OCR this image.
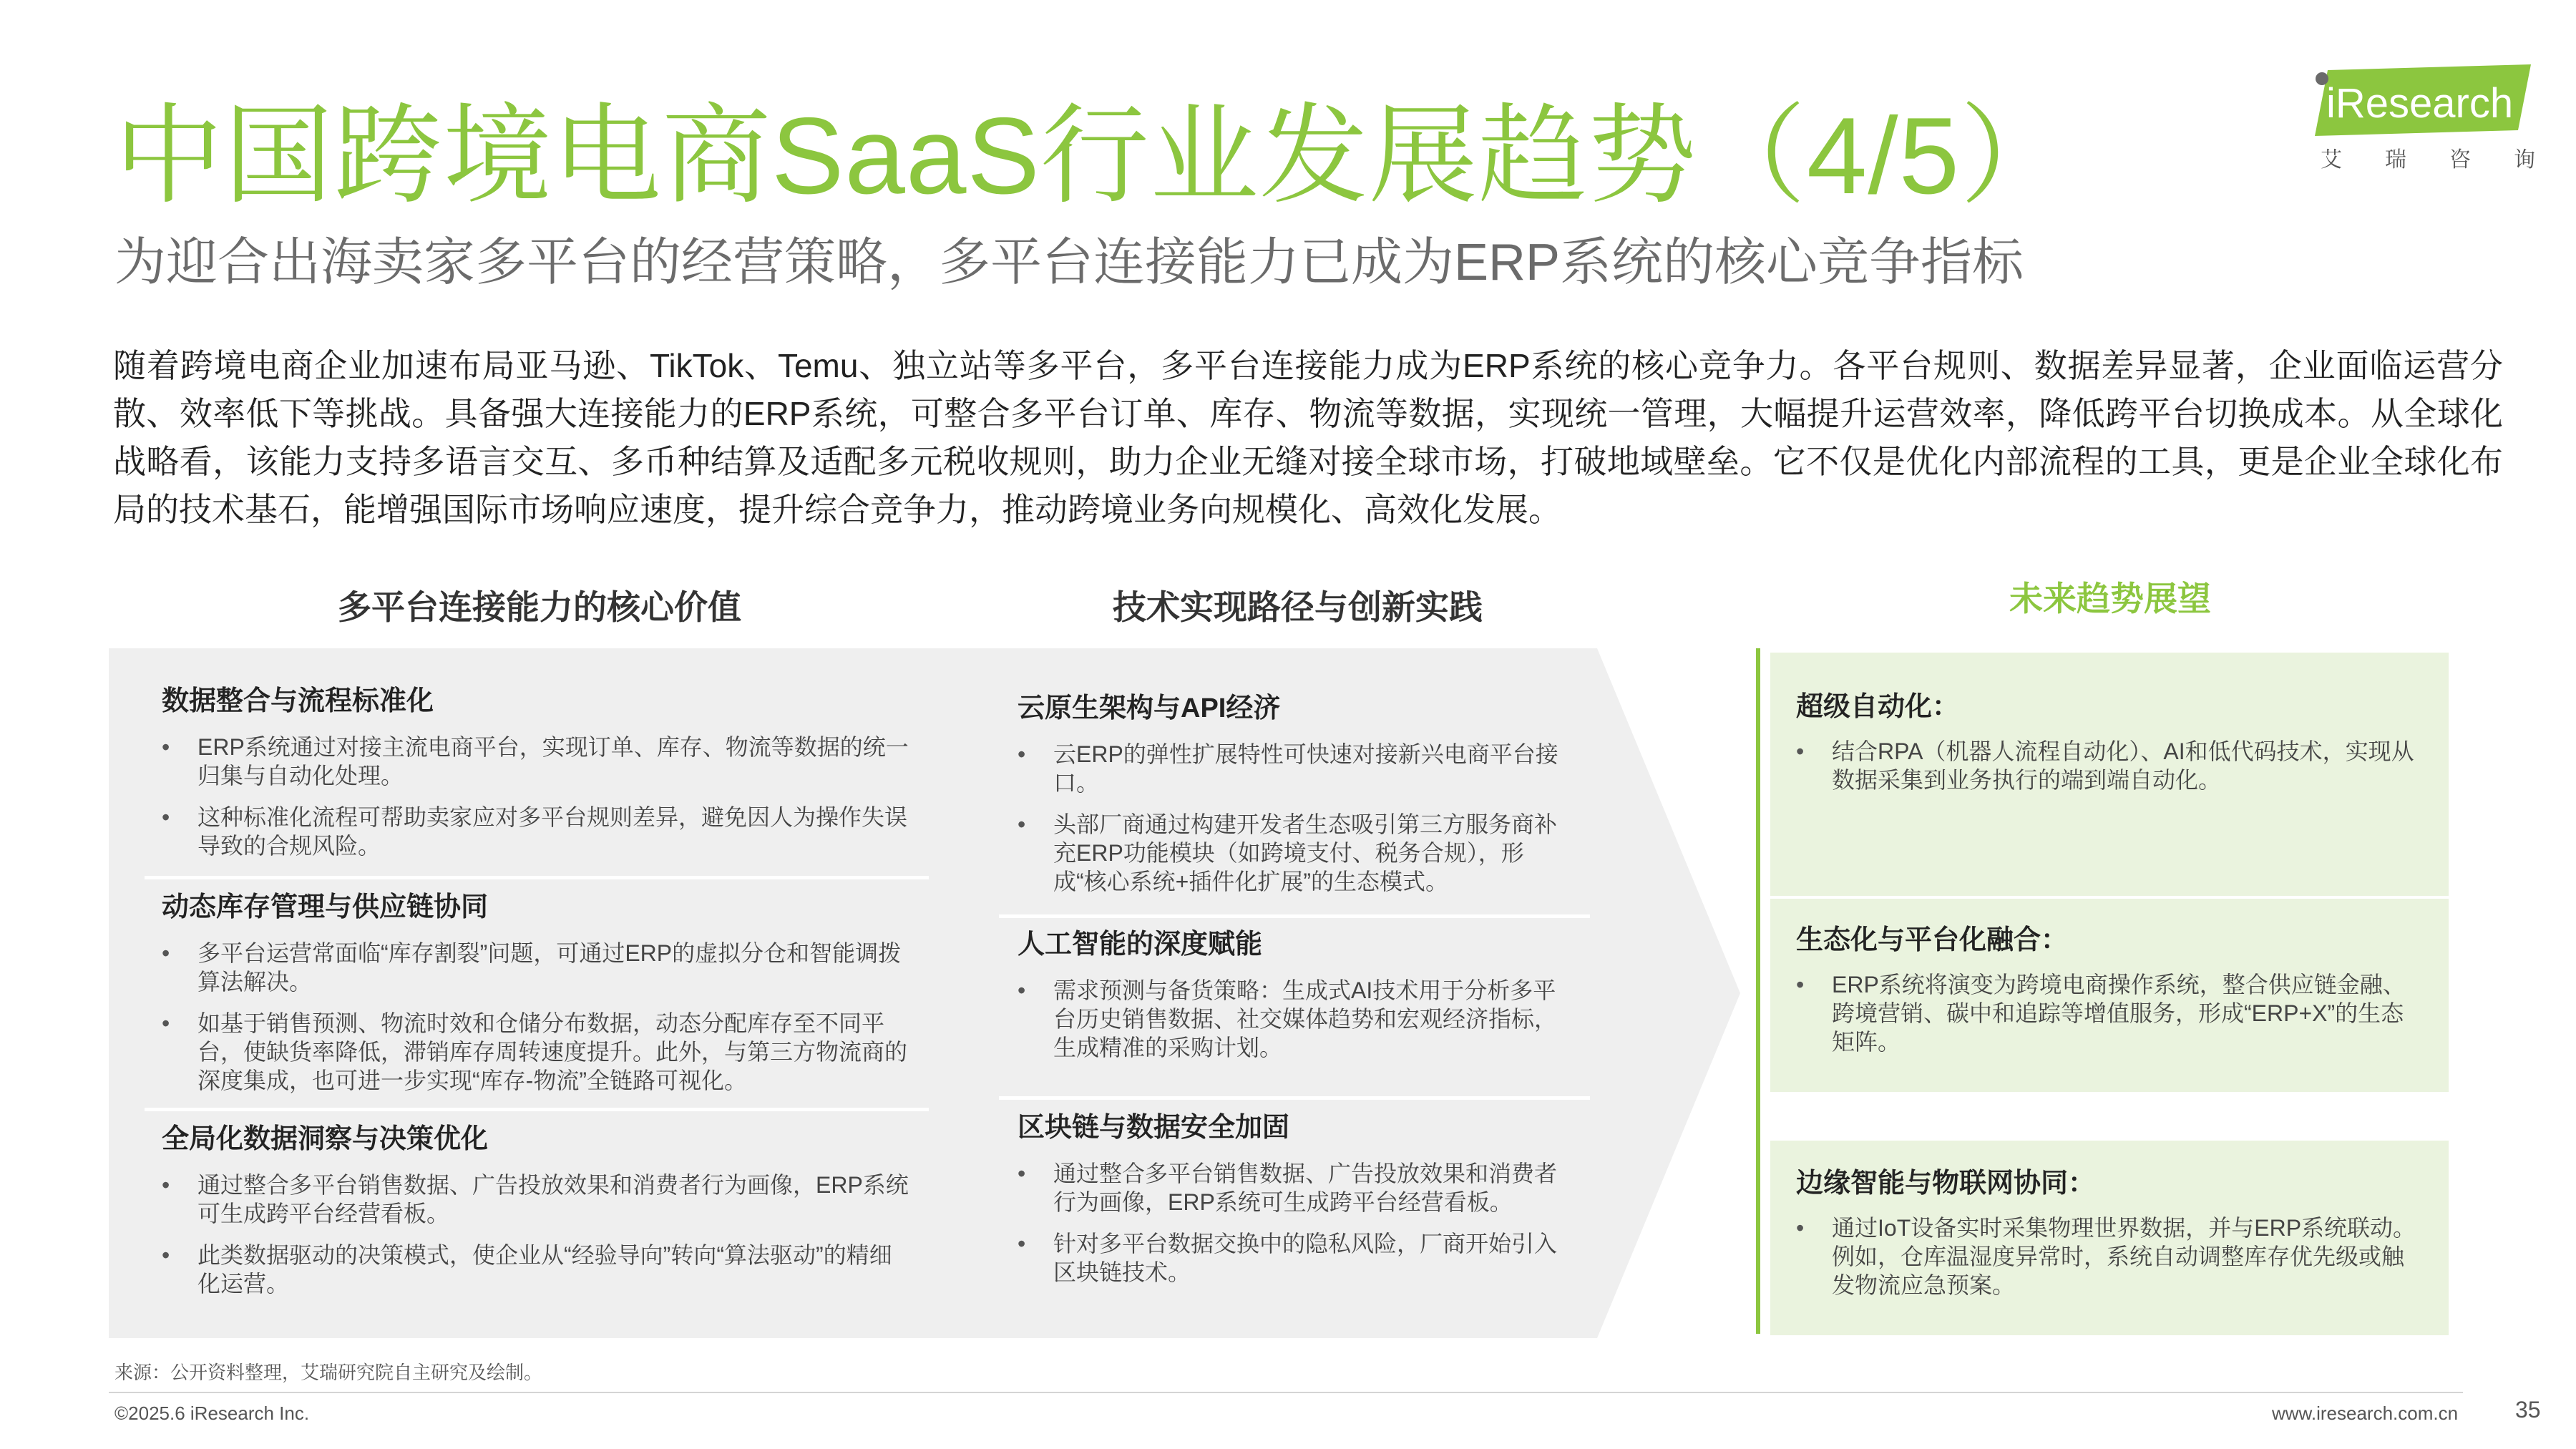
中国跨境电商SaaS行业发展趋势（4/5）
为迎合出海卖家多平台的经营策略，多平台连接能力已成为ERP系统的核心竞争指标
iResearch
艾 瑞 咨 询

随着跨境电商企业加速布局亚马逊、TikTok、Temu、独立站等多平台，多平台连接能力成为ERP系统的核心竞争力。各平台规则、数据差异显著，企业面临运营分散、效率低下等挑战。具备强大连接能力的ERP系统，可整合多平台订单、库存、物流等数据，实现统一管理，大幅提升运营效率，降低跨平台切换成本。从全球化战略看，该能力支持多语言交互、多币种结算及适配多元税收规则，助力企业无缝对接全球市场，打破地域壁垒。它不仅是优化内部流程的工具，更是企业全球化布局的技术基石，能增强国际市场响应速度，提升综合竞争力，推动跨境业务向规模化、高效化发展。

多平台连接能力的核心价值	技术实现路径与创新实践	未来趋势展望
数据整合与流程标准化
• ERP系统通过对接主流电商平台，实现订单、库存、物流等数据的统一归集与自动化处理。
• 这种标准化流程可帮助卖家应对多平台规则差异，避免因人为操作失误导致的合规风险。
动态库存管理与供应链协同
• 多平台运营常面临“库存割裂”问题，可通过ERP的虚拟分仓和智能调拨算法解决。
• 如基于销售预测、物流时效和仓储分布数据，动态分配库存至不同平台，使缺货率降低，滞销库存周转速度提升。此外，与第三方物流商的深度集成，也可进一步实现“库存-物流”全链路可视化。
全局化数据洞察与决策优化
• 通过整合多平台销售数据、广告投放效果和消费者行为画像，ERP系统可生成跨平台经营看板。
• 此类数据驱动的决策模式，使企业从“经验导向”转向“算法驱动”的精细化运营。
云原生架构与API经济
• 云ERP的弹性扩展特性可快速对接新兴电商平台接口。
• 头部厂商通过构建开发者生态吸引第三方服务商补充ERP功能模块（如跨境支付、税务合规），形成“核心系统+插件化扩展”的生态模式。
人工智能的深度赋能
• 需求预测与备货策略：生成式AI技术用于分析多平台历史销售数据、社交媒体趋势和宏观经济指标，生成精准的采购计划。
区块链与数据安全加固
• 通过整合多平台销售数据、广告投放效果和消费者行为画像，ERP系统可生成跨平台经营看板。
• 针对多平台数据交换中的隐私风险，厂商开始引入区块链技术。
超级自动化：
• 结合RPA（机器人流程自动化）、AI和低代码技术，实现从数据采集到业务执行的端到端自动化。
生态化与平台化融合：
• ERP系统将演变为跨境电商操作系统，整合供应链金融、跨境营销、碳中和追踪等增值服务，形成“ERP+X”的生态矩阵。
边缘智能与物联网协同：
• 通过IoT设备实时采集物理世界数据，并与ERP系统联动。例如，仓库温湿度异常时，系统自动调整库存优先级或触发物流应急预案。
来源：公开资料整理，艾瑞研究院自主研究及绘制。
©2025.6 iResearch Inc.	www.iresearch.com.cn 35
